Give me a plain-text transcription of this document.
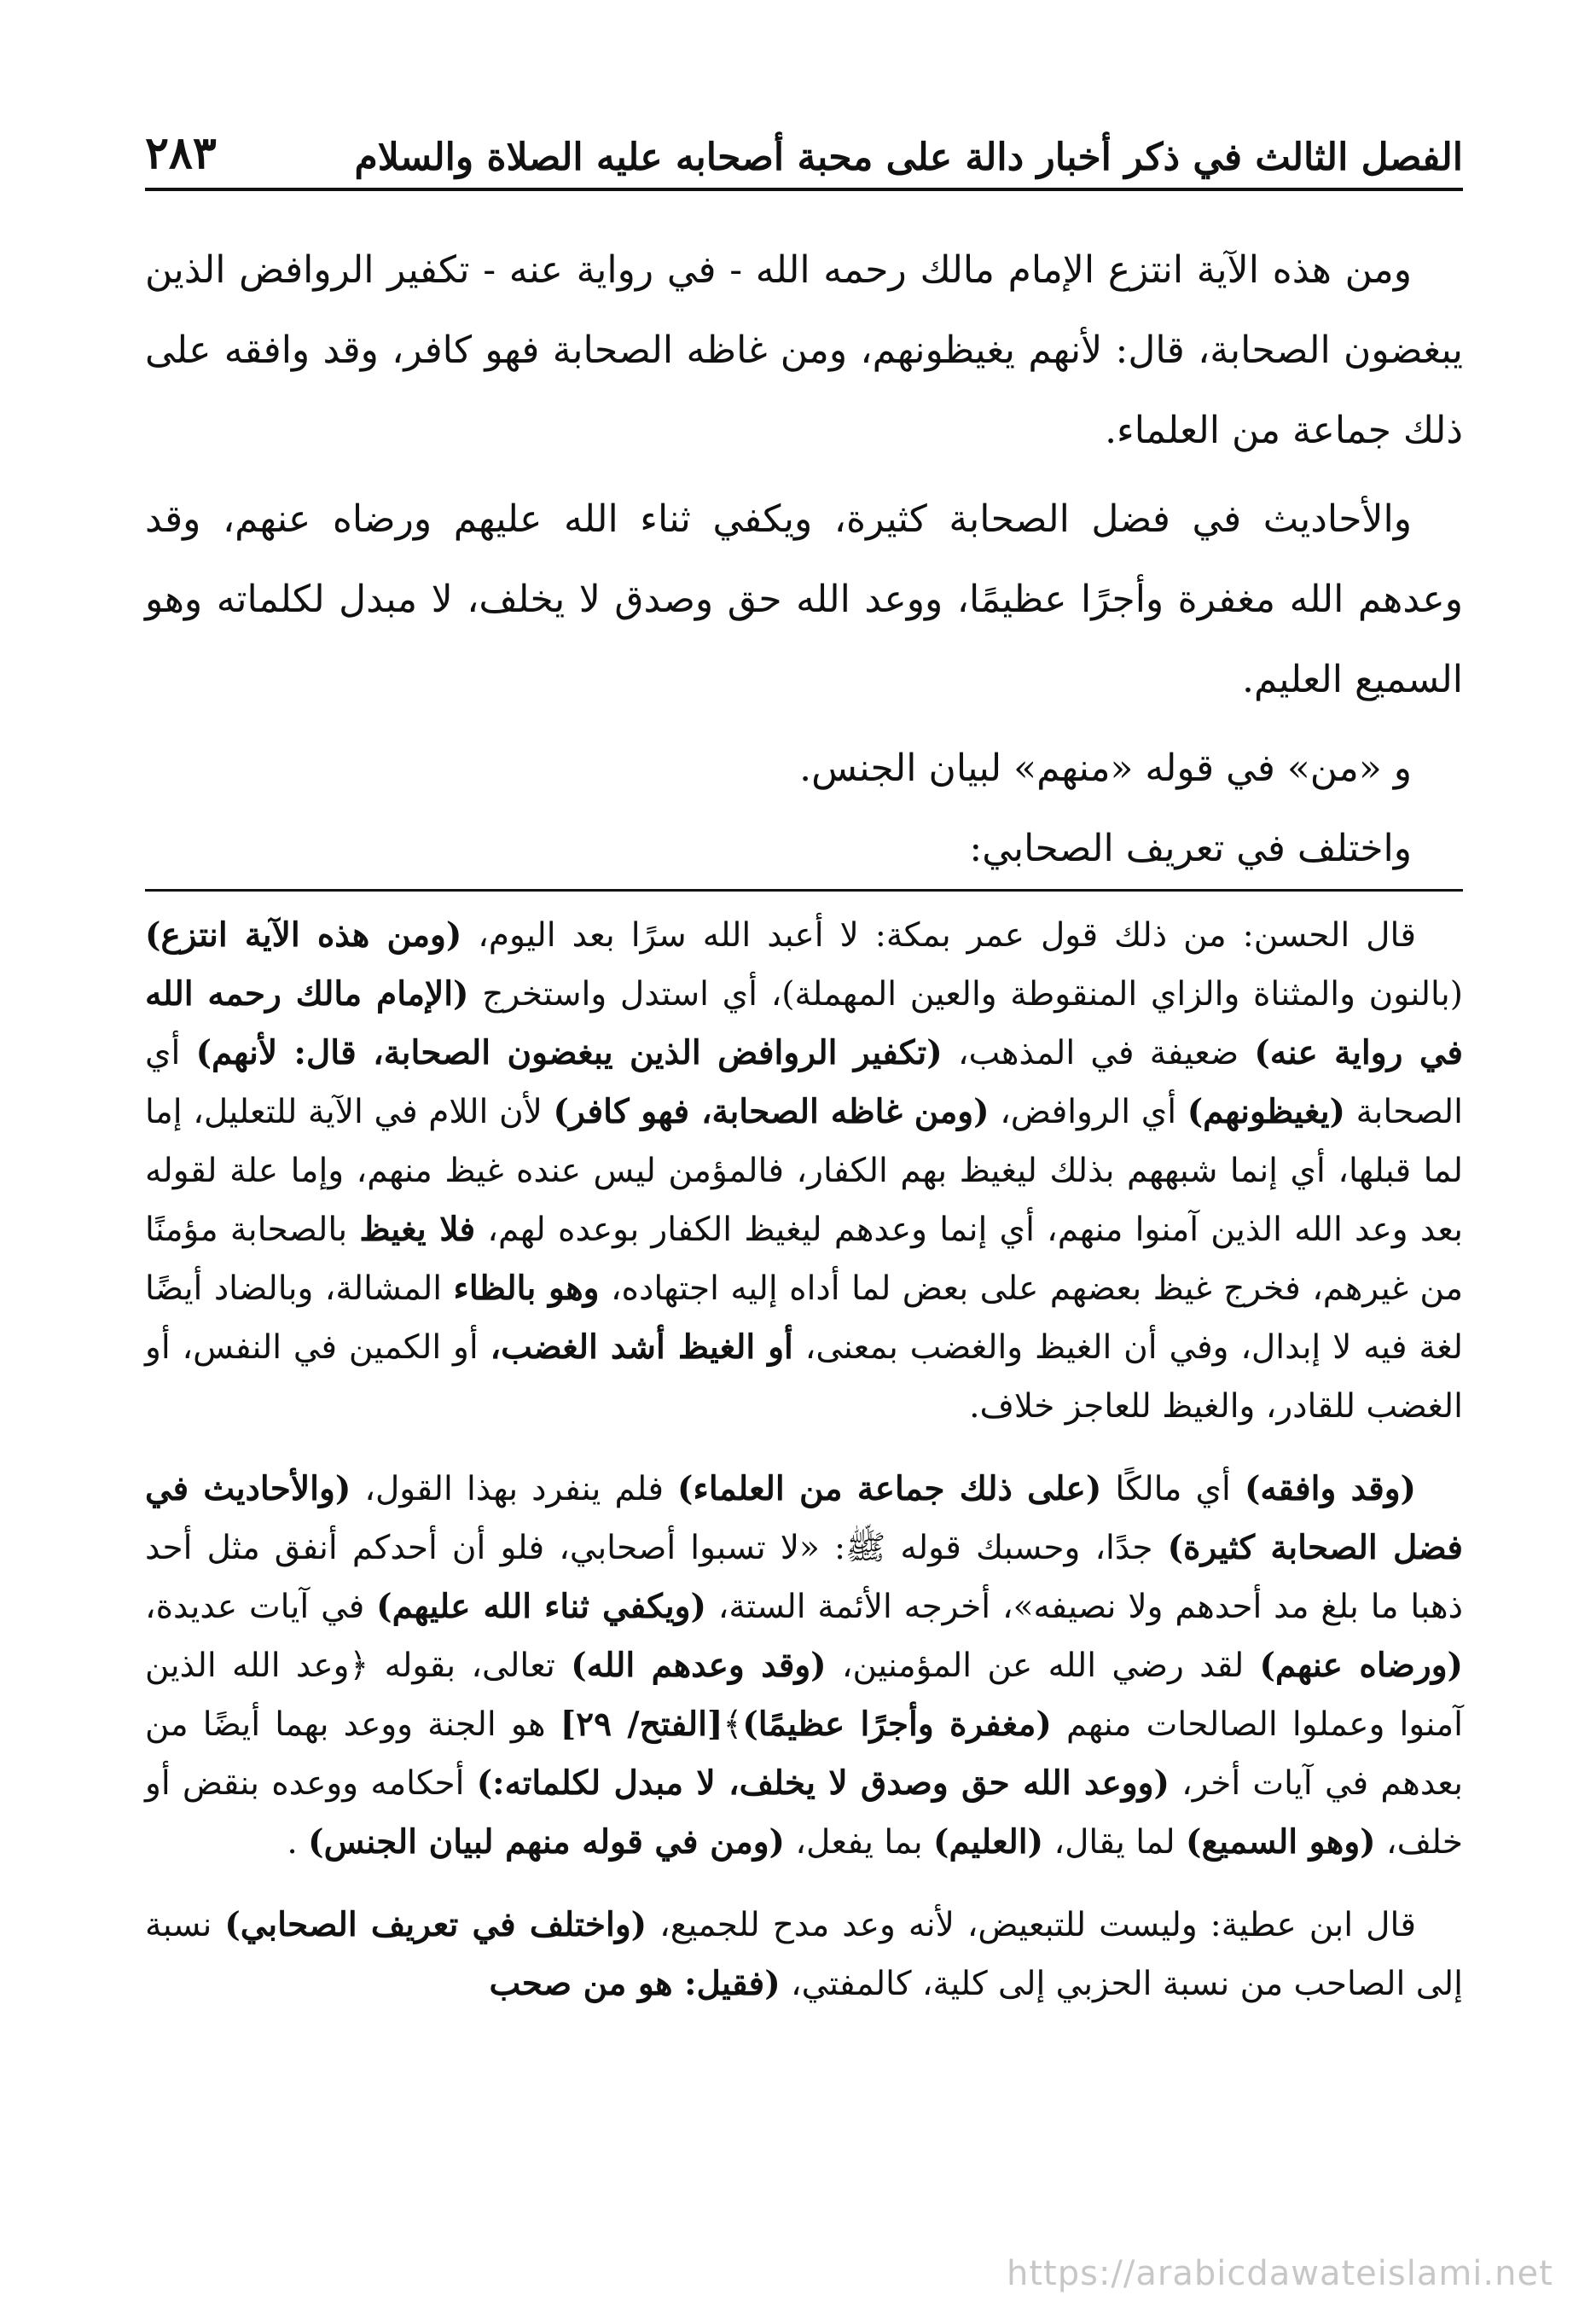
الفصل الثالث في ذكر أخبار دالة على محبة أصحابه عليه الصلاة والسلام
٢٨٣

ومن هذه الآية انتزع الإمام مالك رحمه الله - في رواية عنه - تكفير الروافض الذين يبغضون الصحابة، قال: لأنهم يغيظونهم، ومن غاظه الصحابة فهو كافر، وقد وافقه على ذلك جماعة من العلماء.

والأحاديث في فضل الصحابة كثيرة، ويكفي ثناء الله عليهم ورضاه عنهم، وقد وعدهم الله مغفرة وأجرًا عظيمًا، ووعد الله حق وصدق لا يخلف، لا مبدل لكلماته وهو السميع العليم.

و «من» في قوله «منهم» لبيان الجنس.

واختلف في تعريف الصحابي:

قال الحسن: من ذلك قول عمر بمكة: لا أعبد الله سرًا بعد اليوم، (ومن هذه الآية انتزع) (بالنون والمثناة والزاي المنقوطة والعين المهملة)، أي استدل واستخرج (الإمام مالك رحمه الله في رواية عنه) ضعيفة في المذهب، (تكفير الروافض الذين يبغضون الصحابة، قال: لأنهم) أي الصحابة (يغيظونهم) أي الروافض، (ومن غاظه الصحابة، فهو كافر) لأن اللام في الآية للتعليل، إما لما قبلها، أي إنما شبههم بذلك ليغيظ بهم الكفار، فالمؤمن ليس عنده غيظ منهم، وإما علة لقوله بعد وعد الله الذين آمنوا منهم، أي إنما وعدهم ليغيظ الكفار بوعده لهم، فلا يغيظ بالصحابة مؤمنًا من غيرهم، فخرج غيظ بعضهم على بعض لما أداه إليه اجتهاده، وهو بالظاء المشالة، وبالضاد أيضًا لغة فيه لا إبدال، وفي أن الغيظ والغضب بمعنى، أو الغيظ أشد الغضب، أو الكمين في النفس، أو الغضب للقادر، والغيظ للعاجز خلاف.

(وقد وافقه) أي مالكًا (على ذلك جماعة من العلماء) فلم ينفرد بهذا القول، (والأحاديث في فضل الصحابة كثيرة) جدًا، وحسبك قوله ﷺ: «لا تسبوا أصحابي، فلو أن أحدكم أنفق مثل أحد ذهبا ما بلغ مد أحدهم ولا نصيفه»، أخرجه الأئمة الستة، (ويكفي ثناء الله عليهم) في آيات عديدة، (ورضاه عنهم) لقد رضي الله عن المؤمنين، (وقد وعدهم الله) تعالى، بقوله ﴿وعد الله الذين آمنوا وعملوا الصالحات منهم (مغفرة وأجرًا عظيمًا)﴾[الفتح/ ٢٩] هو الجنة ووعد بهما أيضًا من بعدهم في آيات أخر، (ووعد الله حق وصدق لا يخلف، لا مبدل لكلماته:) أحكامه ووعده بنقض أو خلف، (وهو السميع) لما يقال، (العليم) بما يفعل، (ومن في قوله منهم لبيان الجنس) .

قال ابن عطية: وليست للتبعيض، لأنه وعد مدح للجميع، (واختلف في تعريف الصحابي) نسبة إلى الصاحب من نسبة الحزبي إلى كلية، كالمفتي، (فقيل: هو من صحب

https://arabicdawateislami.net
